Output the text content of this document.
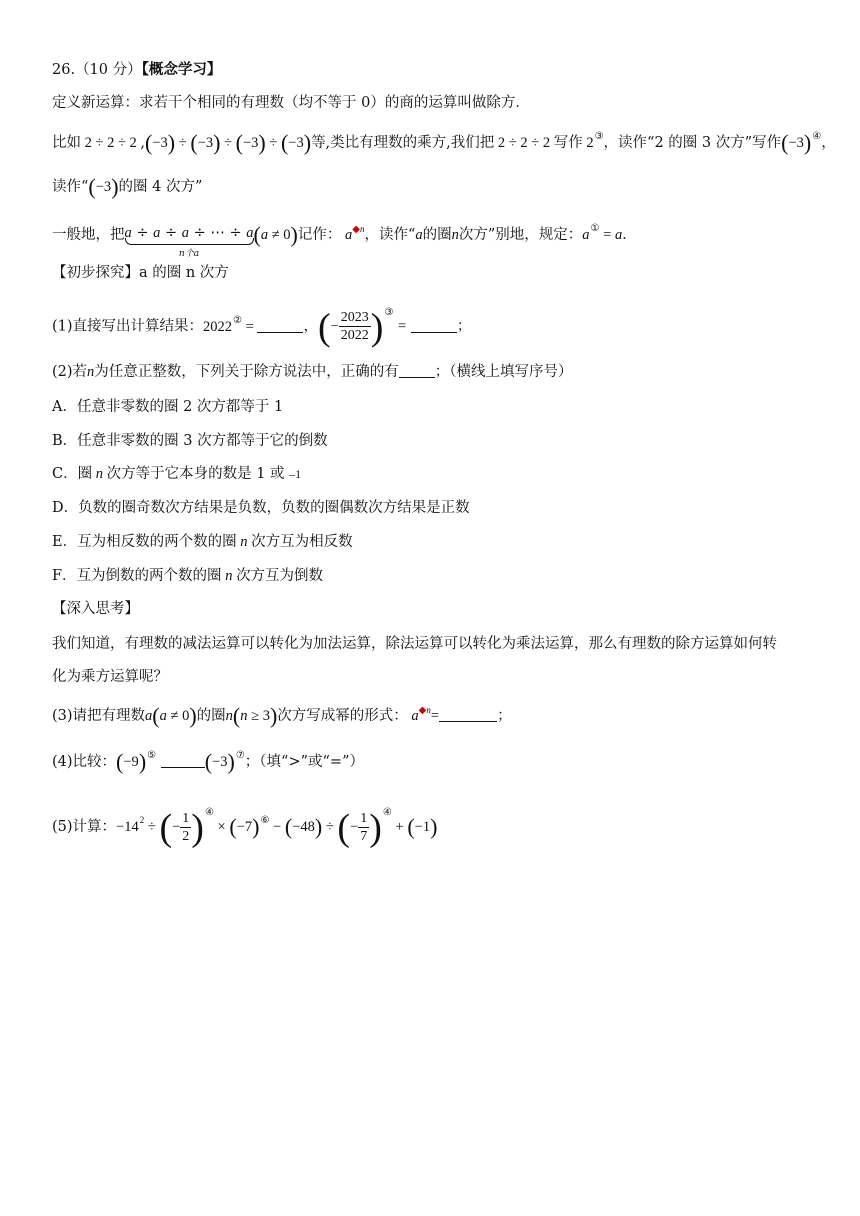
26.（10 分）【概念学习】
定义新运算：求若干个相同的有理数（均不等于 0）的商的运算叫做除方．
比如 2 ÷ 2 ÷ 2 ,(−3) ÷ (−3) ÷ (−3) ÷ (−3)等,类比有理数的乘方,我们把 2 ÷ 2 ÷ 2 写作 2③，读作“2 的圈 3 次方”写作(−3)④，
读作“(−3)的圈 4 次方”
一般地，把a ÷ a ÷ a ÷ ⋯ ÷ a
n个a
(a ≠ 0)记作： $a^{◆n}$，读作“a的圈n次方”别地，规定：a① = a．
【初步探究】a 的圈 n 次方
(1)直接写出计算结果：2022② =	，(− $\frac{2023}{2022} )^③$ =	；
(2)若n为任意正整数，下列关于除方说法中，正确的有 ；（横线上填写序号）
A．任意非零数的圈 2 次方都等于 1
B．任意非零数的圈 3 次方都等于它的倒数
C．圈 n 次方等于它本身的数是 1 或 –1
D．负数的圈奇数次方结果是负数，负数的圈偶数次方结果是正数
E．互为相反数的两个数的圈 n 次方互为相反数
F．互为倒数的两个数的圈 n 次方互为倒数
【深入思考】
我们知道，有理数的减法运算可以转化为加法运算，除法运算可以转化为乘法运算，那么有理数的除方运算如何转
化为乘方运算呢？
(3)请把有理数a(a ≠ 0)的圈n(n ≥ 3)次方写成幂的形式： $a^{◆n}=$	；
(4)比较：(−9)⑤ (−3)⑦；（填“>”或“=”）
(5)计算：$-14^2$ ÷ (− $\frac{1}{2} )^④ \times (-7)^⑥ - (-48)$ ÷ (− $\frac{1}{7} )^④ + (-1)$
